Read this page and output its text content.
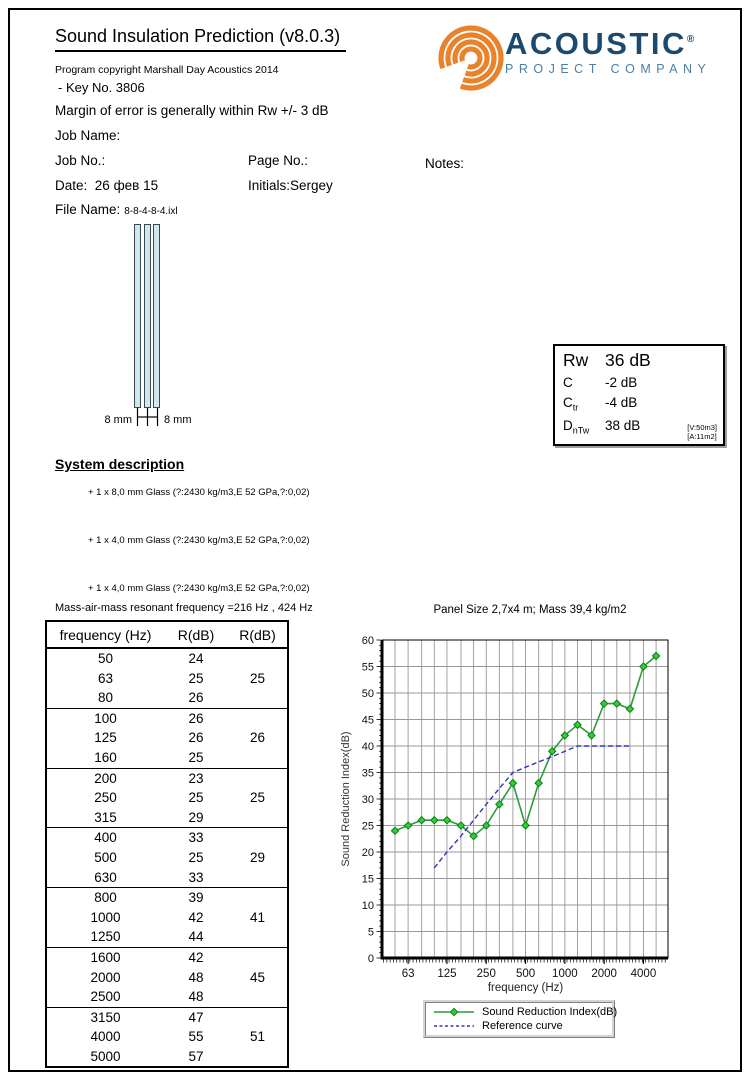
Sound Insulation Prediction (v8.0.3)
Program copyright Marshall Day Acoustics 2014
- Key No. 3806
Margin of error is generally within Rw +/- 3 dB
ACOUSTIC®
PROJECT COMPANY
Job Name:
Job No.:	Page No.:	Notes:
Date: 26 фев 15	Initials:Sergey
File Name: 8-8-4-8-4.ixl
8 mm	8 mm
Rw 36 dB
C	-2 dB
$C_{tr}$	-4 dB
$D_{nTw}$	38 dB	[V:50m3]
[A:11m2]
System description
+ 1 x 8,0 mm Glass (?:2430 kg/m3,E 52 GPa,?:0,02)
+ 1 x 4,0 mm Glass (?:2430 kg/m3,E 52 GPa,?:0,02)
+ 1 x 4,0 mm Glass (?:2430 kg/m3,E 52 GPa,?:0,02)
Mass-air-mass resonant frequency =216 Hz , 424 Hz
frequency (Hz)	R(dB)	R(dB)
50	24	
63	25	25
80	26	
100	26	
125	26	26
160	25	
200	23	
250	25	25
315	29	
400	33	
500	25	29
630	33	
800	39	
1000	42	41
1250	44	
1600	42	
2000	48	45
2500	48	
3150	47	
4000	55	51
5000	57	
Panel Size 2,7x4 m; Mass 39,4 kg/m2
0
5
10
15
20
25
30
35
40
45
50
55
60
63 125 250 500 1000 2000 4000
frequency (Hz)
Sound Reduction Index(dB)
Sound Reduction Index(dB)
Reference curve
